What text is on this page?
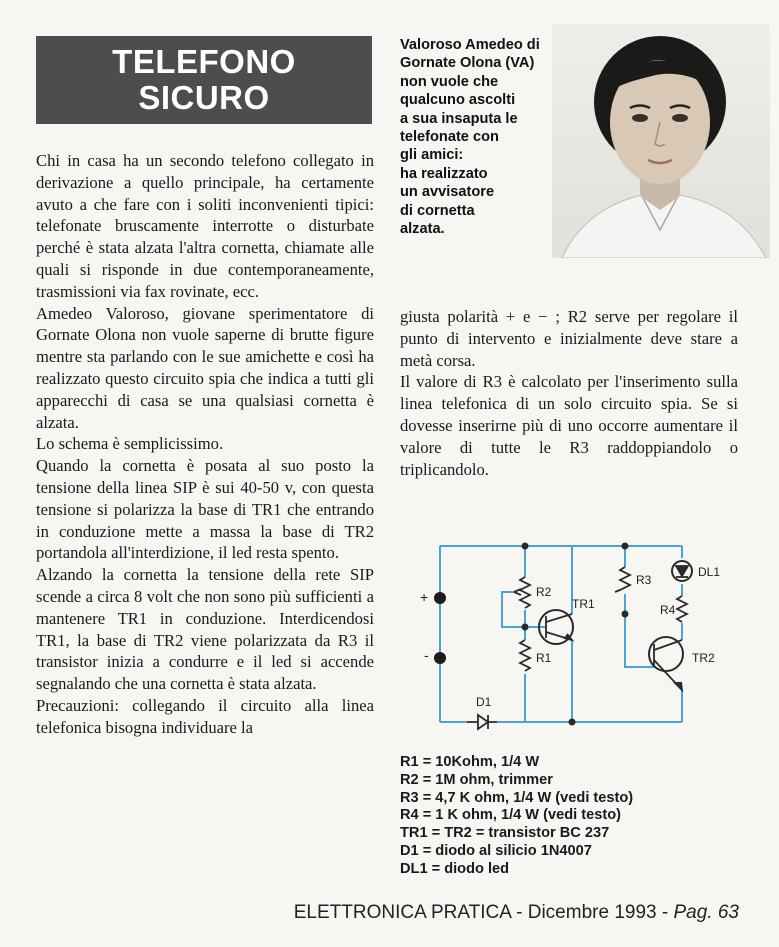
TELEFONO
SICURO
Valoroso Amedeo di
Gornate Olona (VA)
non vuole che
qualcuno ascolti
a sua insaputa le
telefonate con
gli amici:
ha realizzato
un avvisatore
di cornetta
alzata.

Chi in casa ha un secondo telefono collegato in derivazione a quello principale, ha certamente avuto a che fare con i soliti inconvenienti tipici: telefonate bruscamente interrotte o disturbate perché è stata alzata l'altra cornetta, chiamate alle quali si risponde in due contemporaneamente, trasmissioni via fax rovinate, ecc.

Amedeo Valoroso, giovane sperimentatore di Gornate Olona non vuole saperne di brutte figure mentre sta parlando con le sue amichette e così ha realizzato questo circuito spia che indica a tutti gli apparecchi di casa se una qualsiasi cornetta è alzata.

Lo schema è semplicissimo.

Quando la cornetta è posata al suo posto la tensione della linea SIP è sui 40-50 v, con questa tensione si polarizza la base di TR1 che entrando in conduzione mette a massa la base di TR2 portandola all'interdizione, il led resta spento.

Alzando la cornetta la tensione della rete SIP scende a circa 8 volt che non sono più sufficienti a mantenere TR1 in conduzione. Interdicendosi TR1, la base di TR2 viene polarizzata da R3 il transistor inizia a condurre e il led si accende segnalando che una cornetta è stata alzata.

Precauzioni: collegando il circuito alla linea telefonica bisogna individuare la

giusta polarità + e − ; R2 serve per regolare il punto di intervento e inizialmente deve stare a metà corsa.

Il valore di R3 è calcolato per l'inserimento sulla linea telefonica di un solo circuito spia. Se si dovesse inserirne più di uno occorre aumentare il valore di tutte le R3 raddoppiandolo o triplicandolo.

+
-
R2
R1
TR1
R3
R4
TR2
DL1
D1
R1 = 10Kohm, 1/4 W
R2 = 1M ohm, trimmer
R3 = 4,7 K ohm, 1/4 W (vedi testo)
R4 = 1 K ohm, 1/4 W (vedi testo)
TR1 = TR2 = transistor BC 237
D1 = diodo al silicio 1N4007
DL1 = diodo led
ELETTRONICA PRATICA - Dicembre 1993 - Pag. 63
